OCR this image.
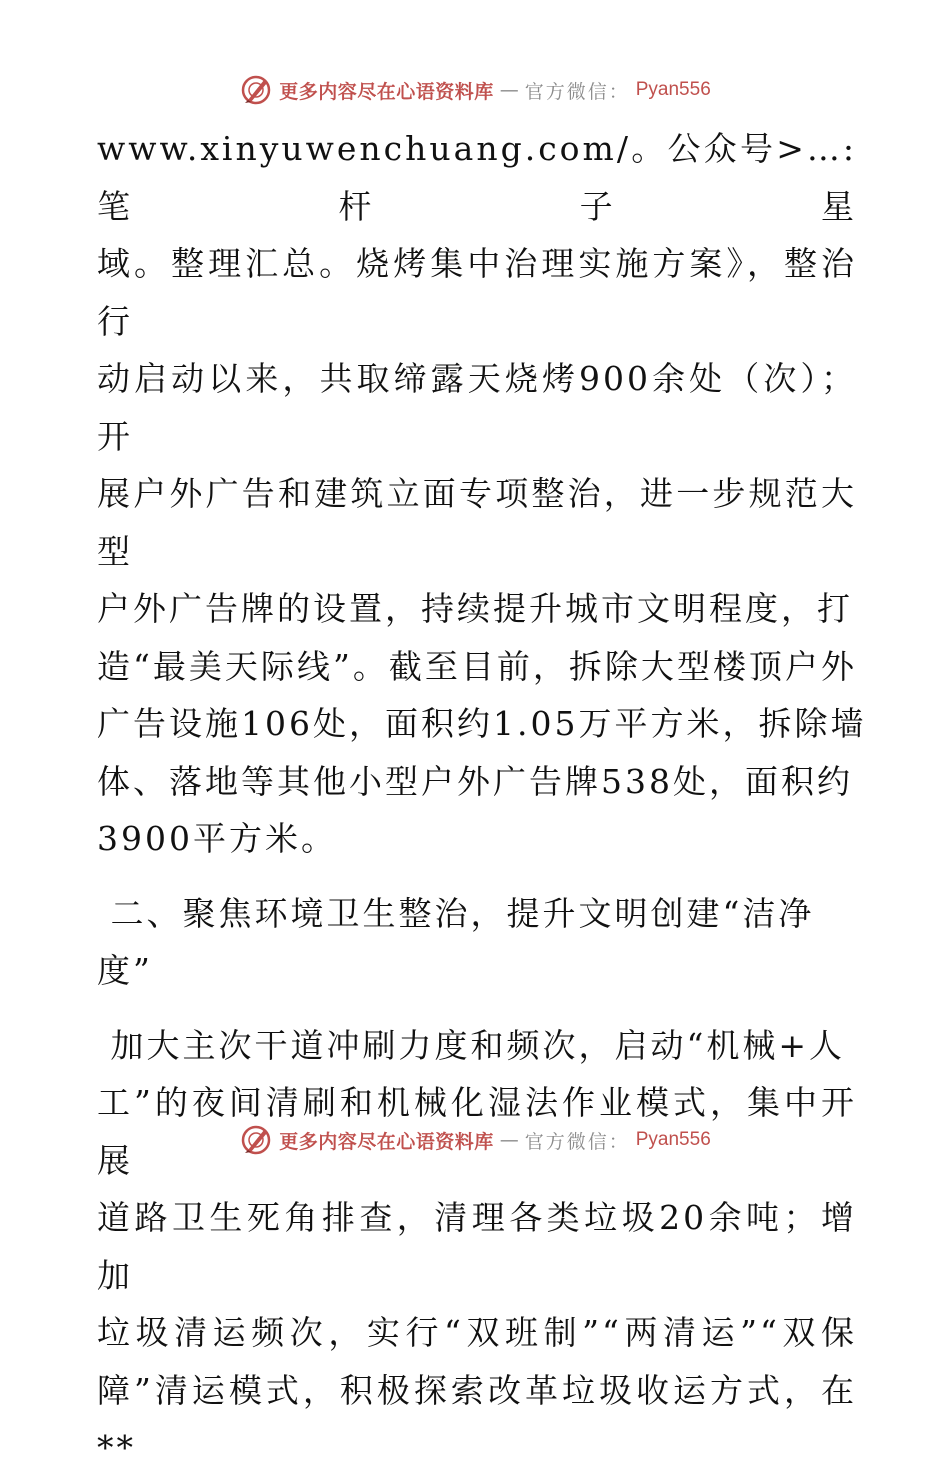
更多内容尽在心语资料库 — 官方微信： Pyan556

www.xinyuwenchuang.com/。公众号>…: 笔杆子星
域。整理汇总。烧烤集中治理实施方案》，整治行
动启动以来，共取缔露天烧烤900余处（次）；开
展户外广告和建筑立面专项整治，进一步规范大型
户外广告牌的设置，持续提升城市文明程度，打
造“最美天际线”。截至目前，拆除大型楼顶户外
广告设施106处，面积约1.05万平方米，拆除墙
体、落地等其他小型户外广告牌538处，面积约
3900平方米。

二、聚焦环境卫生整治，提升文明创建“洁净
度”

加大主次干道冲刷力度和频次，启动“机械+人
工”的夜间清刷和机械化湿法作业模式，集中开展
道路卫生死角排查，清理各类垃圾20余吨；增加
垃圾清运频次，实行“双班制”“两清运”“双保
障”清运模式，积极探索改革垃圾收运方式，在**

更多内容尽在心语资料库 — 官方微信： Pyan556
